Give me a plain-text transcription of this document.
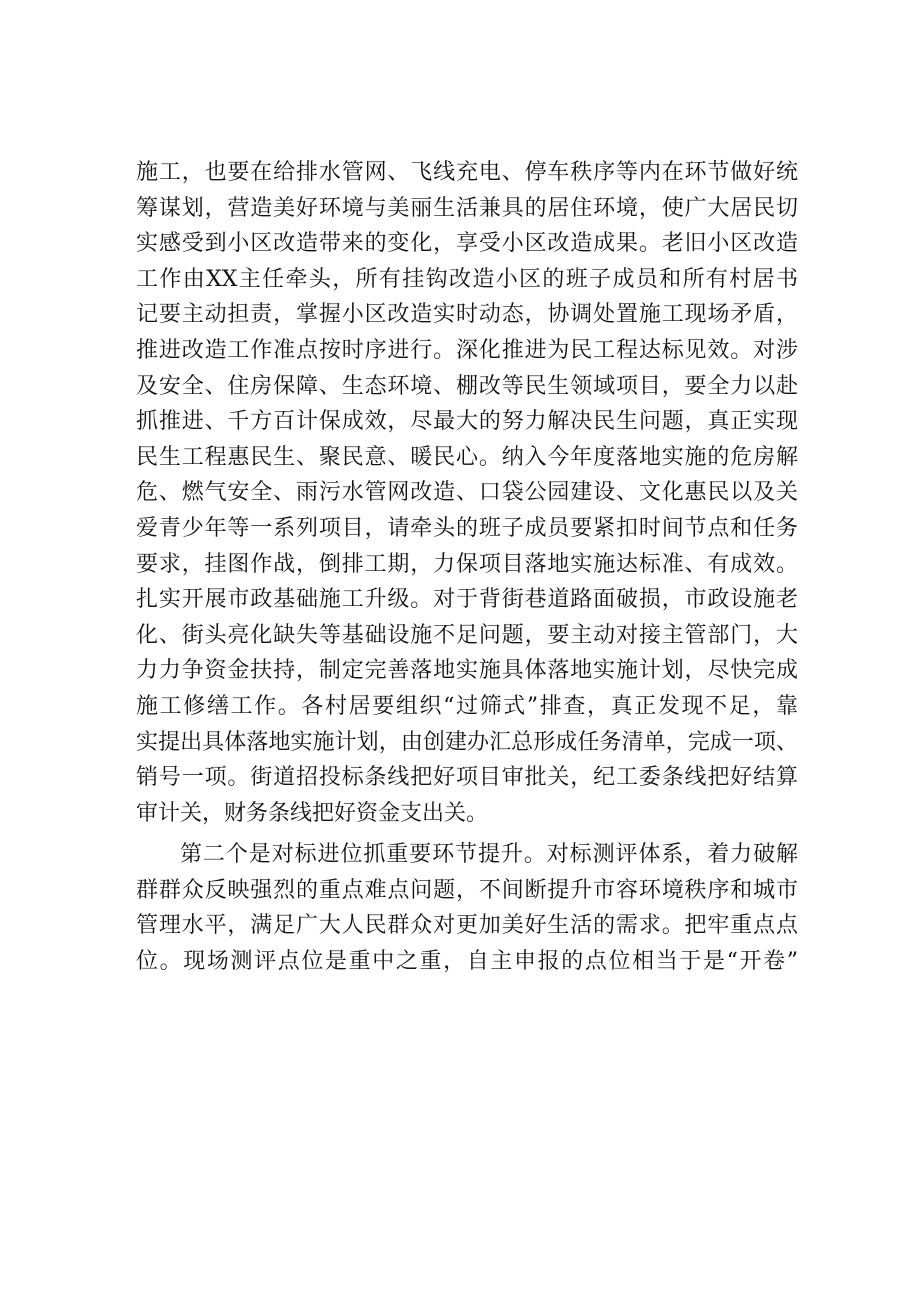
施工，也要在给排水管网、飞线充电、停车秩序等内在环节做好统
筹谋划，营造美好环境与美丽生活兼具的居住环境，使广大居民切
实感受到小区改造带来的变化，享受小区改造成果。老旧小区改造
工作由XX主任牵头，所有挂钩改造小区的班子成员和所有村居书
记要主动担责，掌握小区改造实时动态，协调处置施工现场矛盾，
推进改造工作准点按时序进行。深化推进为民工程达标见效。对涉
及安全、住房保障、生态环境、棚改等民生领域项目，要全力以赴
抓推进、千方百计保成效，尽最大的努力解决民生问题，真正实现
民生工程惠民生、聚民意、暖民心。纳入今年度落地实施的危房解
危、燃气安全、雨污水管网改造、口袋公园建设、文化惠民以及关
爱青少年等一系列项目，请牵头的班子成员要紧扣时间节点和任务
要求，挂图作战，倒排工期，力保项目落地实施达标准、有成效。
扎实开展市政基础施工升级。对于背街巷道路面破损，市政设施老
化、街头亮化缺失等基础设施不足问题，要主动对接主管部门，大
力力争资金扶持，制定完善落地实施具体落地实施计划，尽快完成
施工修缮工作。各村居要组织“过筛式”排查，真正发现不足，靠
实提出具体落地实施计划，由创建办汇总形成任务清单，完成一项、
销号一项。街道招投标条线把好项目审批关，纪工委条线把好结算
审计关，财务条线把好资金支出关。
第二个是对标进位抓重要环节提升。对标测评体系，着力破解
群群众反映强烈的重点难点问题，不间断提升市容环境秩序和城市
管理水平，满足广大人民群众对更加美好生活的需求。把牢重点点
位。现场测评点位是重中之重，自主申报的点位相当于是“开卷”
